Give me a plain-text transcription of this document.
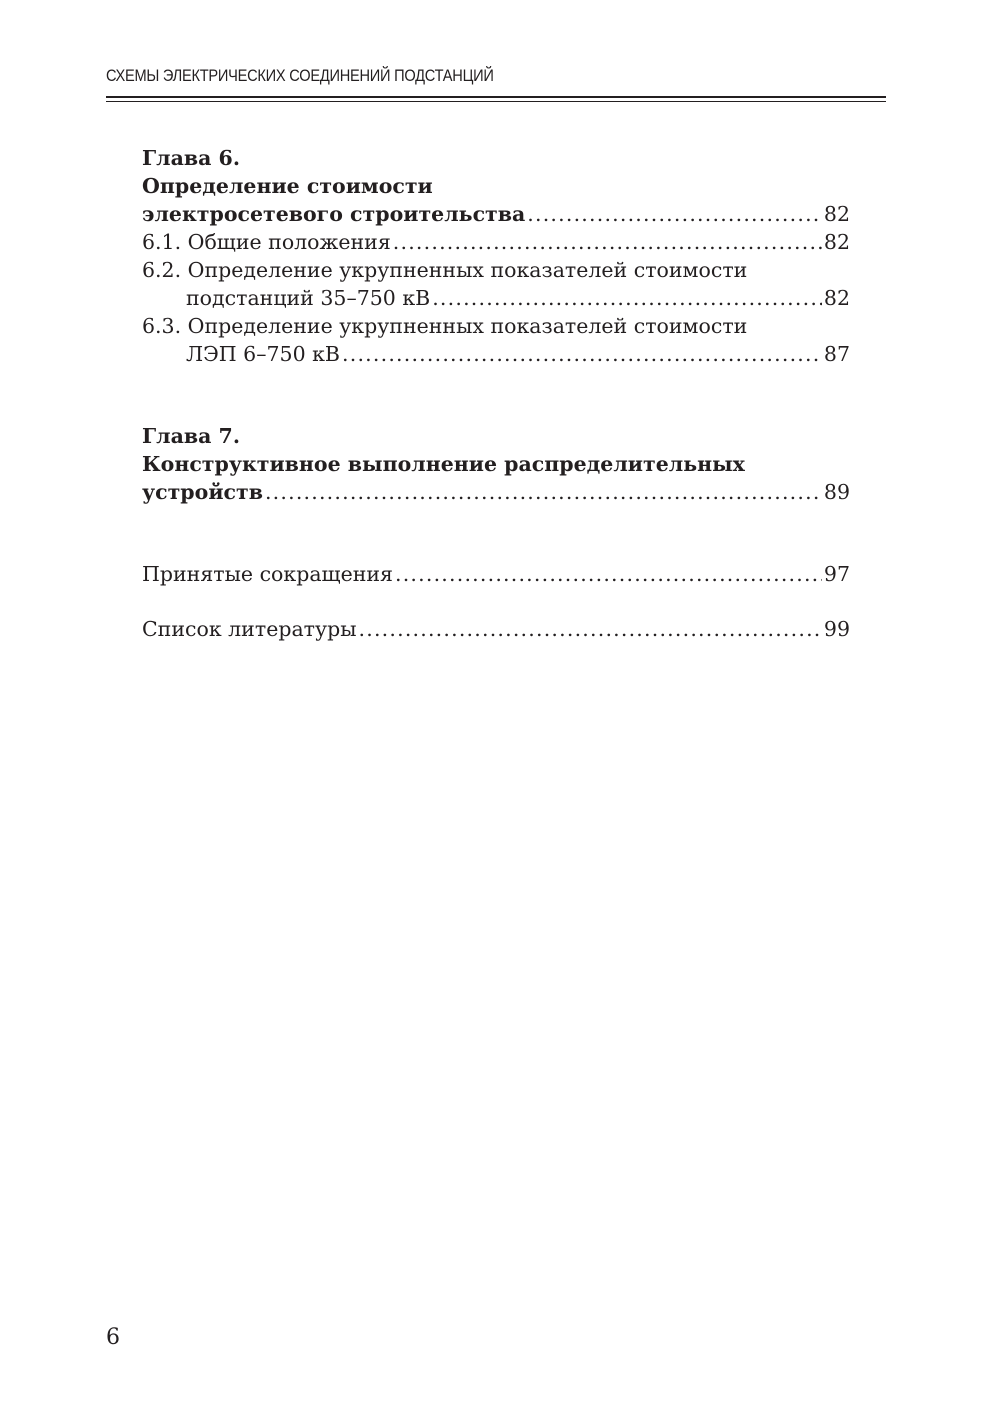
СХЕМЫ ЭЛЕКТРИЧЕСКИХ СОЕДИНЕНИЙ ПОДСТАНЦИЙ
Глава 6.
Определение стоимости
электросетевого строительства .....	82
6.1. Общие положения .....	82
6.2. Определение укрупненных показателей стоимости
подстанций 35–750 кВ .....	82
6.3. Определение укрупненных показателей стоимости
ЛЭП 6–750 кВ .....	87
Глава 7.
Конструктивное выполнение распределительных
устройств .....	89
Принятые сокращения .....	97
Список литературы .....	99
6
